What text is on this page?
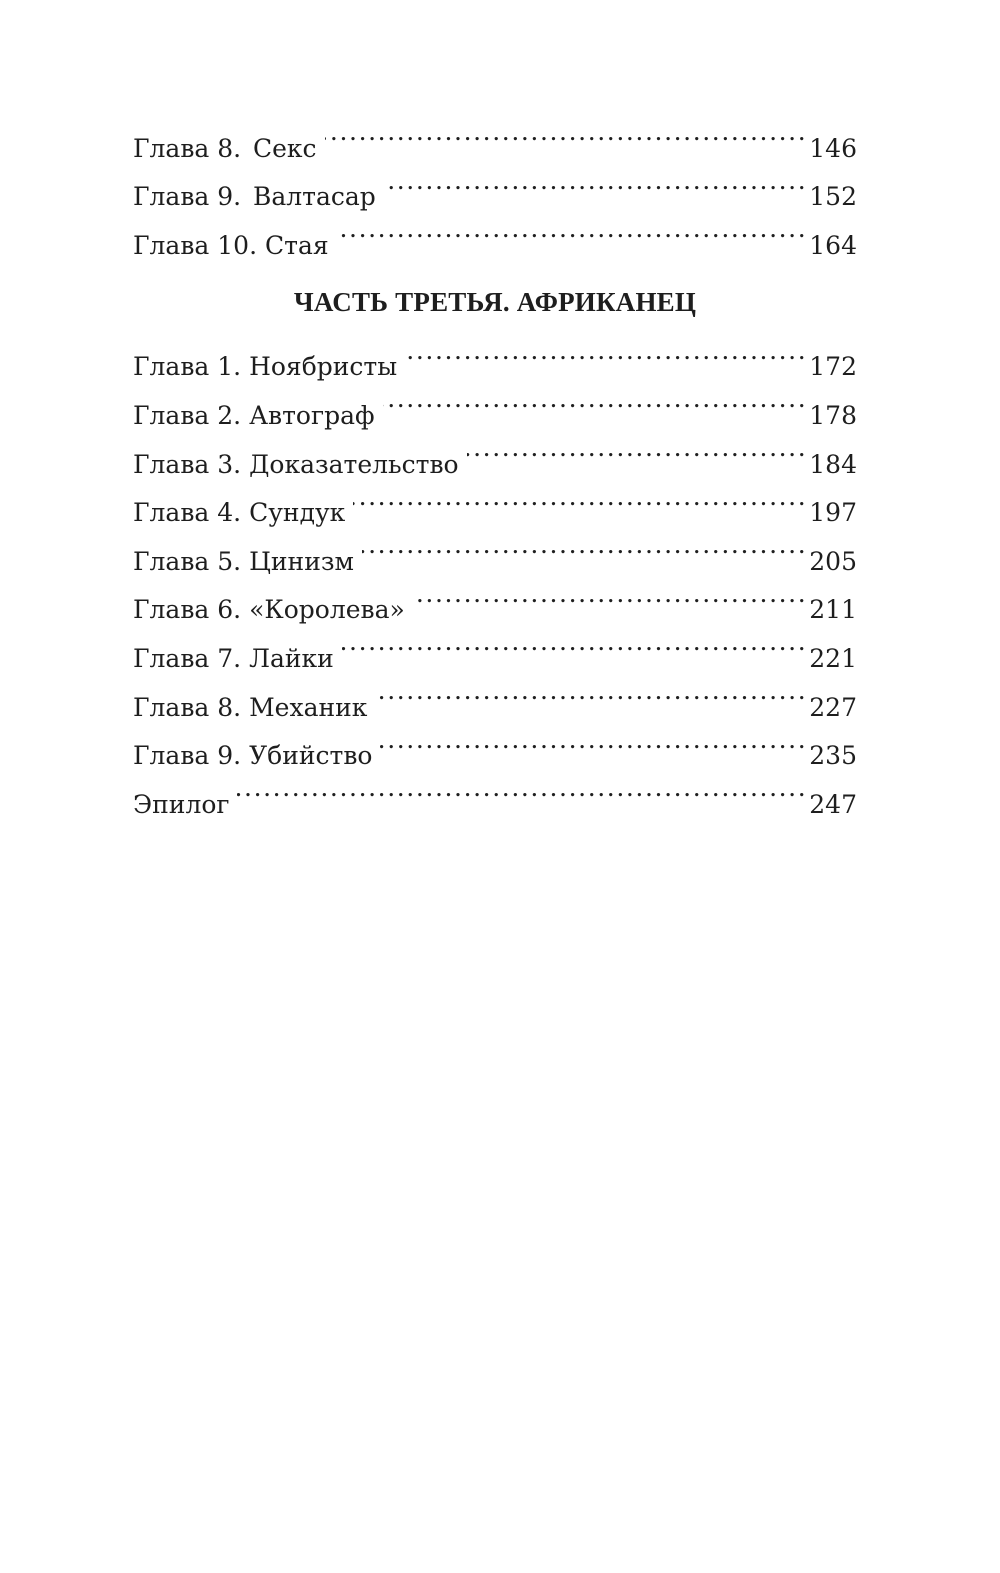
Глава 8. Секс .....	146
Глава 9. Валтасар .....	152
Глава 10. Стая .....	164
ЧАСТЬ ТРЕТЬЯ. АФРИКАНЕЦ
Глава 1. Ноябристы .....	172
Глава 2. Автограф .....	178
Глава 3. Доказательство .....	184
Глава 4. Сундук .....	197
Глава 5. Цинизм .....	205
Глава 6. «Королева» .....	211
Глава 7. Лайки .....	221
Глава 8. Механик .....	227
Глава 9. Убийство .....	235
Эпилог .....	247
